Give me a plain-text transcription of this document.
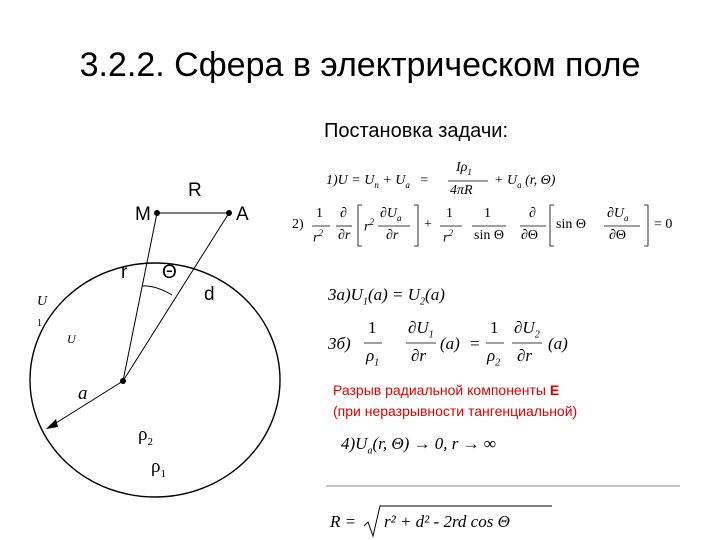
3.2.2. Сфера в электрическом поле
Постановка задачи:
R
M	A
r Θ
d
a
U
1
U
$\rho_2$
$\rho_1$
$1)U = U_п + U_a$ =
$I\rho_1$
4πR
+ $U_a$ (r, Θ)
2)
1
$r^2$
∂
∂r
$r^2$
$\partial U_a$
∂r
+
1
$r^2$
1
sin Θ
∂
∂Θ
sin Θ
$\partial U_a$
∂Θ
= 0
$3a)U_1(a) = U_2(a)$
3б)
1
$\rho_1$
$\partial U_1$
∂r
(a) =
1
$\rho_2$
$\partial U_2$
∂r
(a)
Разрыв радиальной компоненты E
(при неразрывности тангенциальной)
$4)U_a(r$, Θ) → 0, r → ∞
R = r² + d² - 2rd cos Θ
